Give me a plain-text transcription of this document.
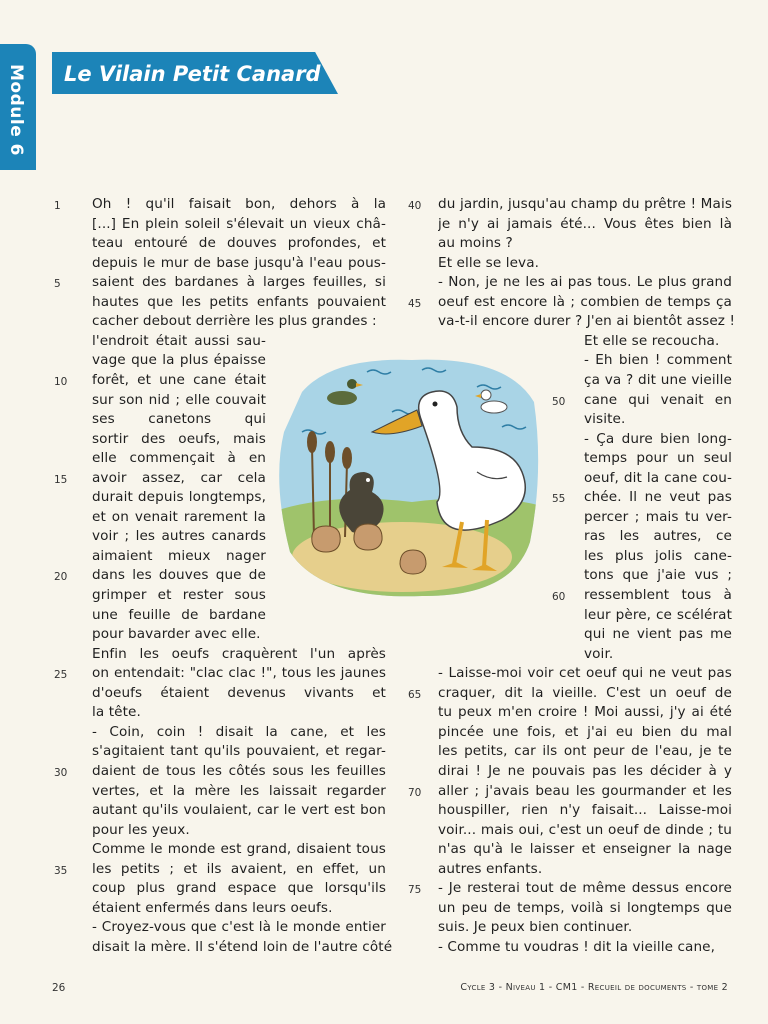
Module 6 Le Vilain Petit Canard
Oh ! qu'il faisait bon, dehors à la
[...] En plein soleil s'élevait un vieux châ-
teau entouré de douves profondes, et
depuis le mur de base jusqu'à l'eau pous-
saient des bardanes à larges feuilles, si
hautes que les petits enfants pouvaient
cacher debout derrière les plus grandes :
l'endroit était aussi sau-
vage que la plus épaisse
forêt, et une cane était
sur son nid ; elle couvait
ses canetons qui
sortir des oeufs, mais
elle commençait à en
avoir assez, car cela
durait depuis longtemps,
et on venait rarement la
voir ; les autres canards
aimaient mieux nager
dans les douves que de
grimper et rester sous
une feuille de bardane
pour bavarder avec elle.
Enfin les oeufs craquèrent l'un après
on entendait: "clac clac !", tous les jaunes
d'oeufs étaient devenus vivants et
la tête.
- Coin, coin ! disait la cane, et les
s'agitaient tant qu'ils pouvaient, et regar-
daient de tous les côtés sous les feuilles
vertes, et la mère les laissait regarder
autant qu'ils voulaient, car le vert est bon
pour les yeux.
Comme le monde est grand, disaient tous
les petits ; et ils avaient, en effet, un
coup plus grand espace que lorsqu'ils
étaient enfermés dans leurs oeufs.
- Croyez-vous que c'est là le monde entier
disait la mère. Il s'étend loin de l'autre côté
du jardin, jusqu'au champ du prêtre ! Mais
je n'y ai jamais été... Vous êtes bien là
au moins ?
Et elle se leva.
- Non, je ne les ai pas tous. Le plus grand
oeuf est encore là ; combien de temps ça
va-t-il encore durer ? J'en ai bientôt assez !
Et elle se recoucha.
- Eh bien ! comment
ça va ? dit une vieille
cane qui venait en
visite.
- Ça dure bien long-
temps pour un seul
oeuf, dit la cane cou-
chée. Il ne veut pas
percer ; mais tu ver-
ras les autres, ce
les plus jolis cane-
tons que j'aie vus ;
ressemblent tous à
leur père, ce scélérat
qui ne vient pas me
voir.
- Laisse-moi voir cet oeuf qui ne veut pas
craquer, dit la vieille. C'est un oeuf de
tu peux m'en croire ! Moi aussi, j'y ai été
pincée une fois, et j'ai eu bien du mal
les petits, car ils ont peur de l'eau, je te
dirai ! Je ne pouvais pas les décider à y
aller ; j'avais beau les gourmander et les
houspiller, rien n'y faisait... Laisse-moi
voir... mais oui, c'est un oeuf de dinde ; tu
n'as qu'à le laisser et enseigner la nage
autres enfants.
- Je resterai tout de même dessus encore
un peu de temps, voilà si longtemps que
suis. Je peux bien continuer.
- Comme tu voudras ! dit la vieille cane,
1
5
10
15
20
25
30
35
40
45
50
55
60
65
70
75
26	Cycle 3 - Niveau 1 - CM1 - Recueil de documents - tome 2
